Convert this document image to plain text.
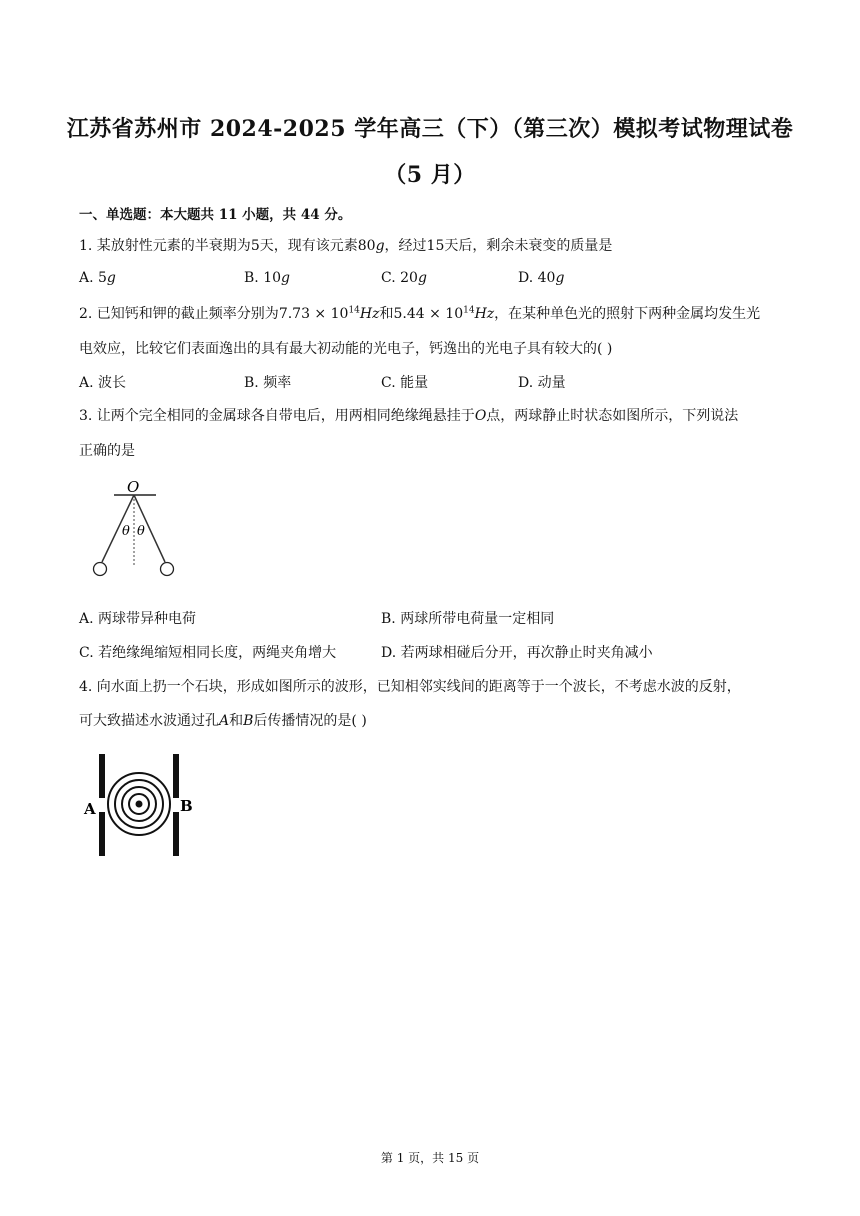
江苏省苏州市 2024-2025 学年高三（下）（第三次）模拟考试物理试卷
（5 月）
一、单选题：本大题共 11 小题，共 44 分。
1. 某放射性元素的半衰期为5天，现有该元素80g，经过15天后，剩余未衰变的质量是
A. 5g	B. 10g	C. 20g	D. 40g
2. 已知钙和钾的截止频率分别为$7.73 \times 10^{14}Hz$和$5.44 \times 10^{14}Hz$，在某种单色光的照射下两种金属均发生光
电效应，比较它们表面逸出的具有最大初动能的光电子，钙逸出的光电子具有较大的( )
A. 波长	B. 频率	C. 能量	D. 动量
3. 让两个完全相同的金属球各自带电后，用两相同绝缘绳悬挂于O点，两球静止时状态如图所示，下列说法
正确的是
O
θ θ
A. 两球带异种电荷	B. 两球所带电荷量一定相同
C. 若绝缘绳缩短相同长度，两绳夹角增大	D. 若两球相碰后分开，再次静止时夹角减小
4. 向水面上扔一个石块，形成如图所示的波形，已知相邻实线间的距离等于一个波长，不考虑水波的反射，
可大致描述水波通过孔A和B后传播情况的是( )
A	B
第 1 页，共 15 页
